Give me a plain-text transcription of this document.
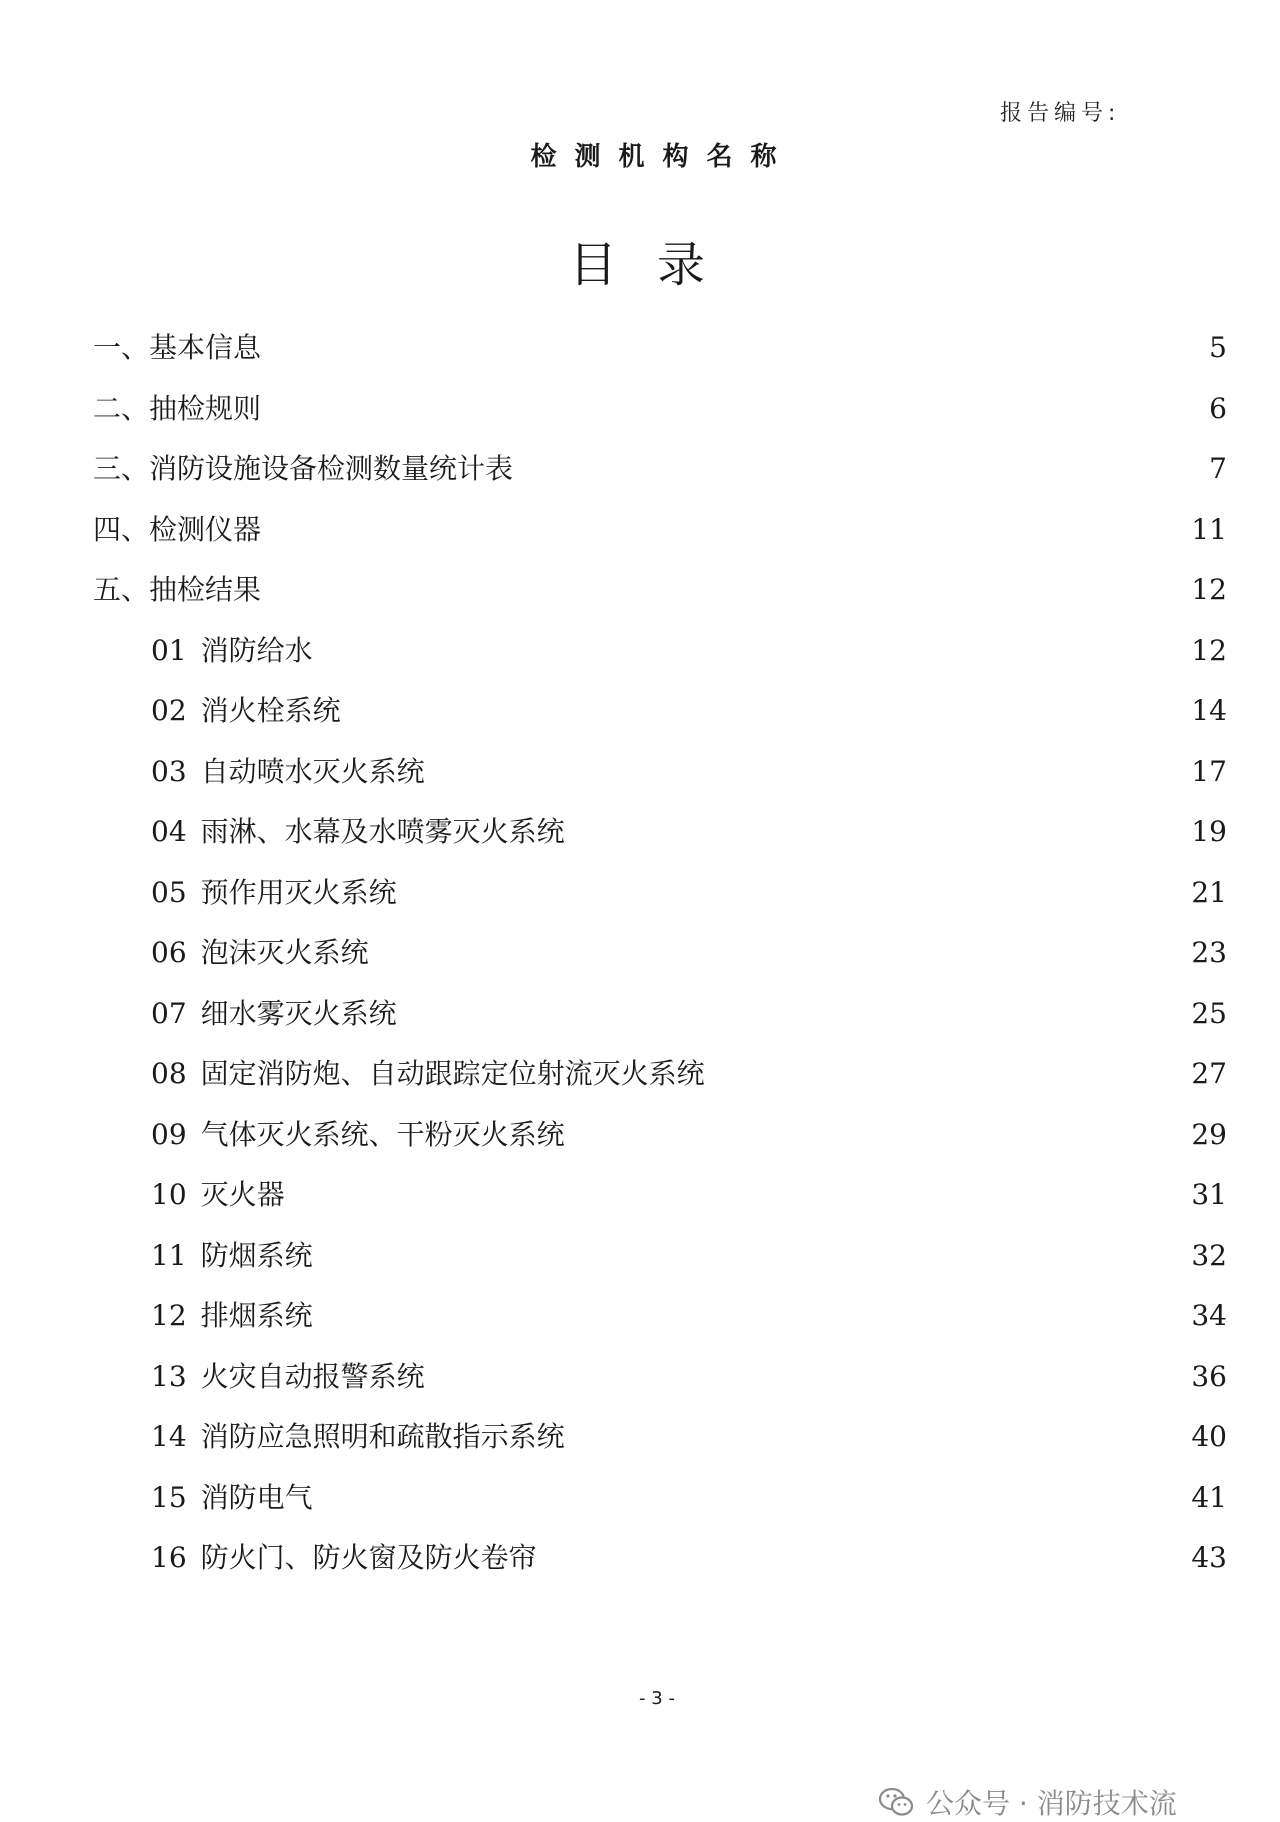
报告编号:
检测机构名称
目录
一、基本信息	5
二、抽检规则	6
三、消防设施设备检测数量统计表	7
四、检测仪器	11
五、抽检结果	12
01 消防给水	12
02 消火栓系统	14
03 自动喷水灭火系统	17
04 雨淋、水幕及水喷雾灭火系统	19
05 预作用灭火系统	21
06 泡沫灭火系统	23
07 细水雾灭火系统	25
08 固定消防炮、自动跟踪定位射流灭火系统	27
09 气体灭火系统、干粉灭火系统	29
10 灭火器	31
11 防烟系统	32
12 排烟系统	34
13 火灾自动报警系统	36
14 消防应急照明和疏散指示系统	40
15 消防电气	41
16 防火门、防火窗及防火卷帘	43
- 3 -
公众号 · 消防技术流
